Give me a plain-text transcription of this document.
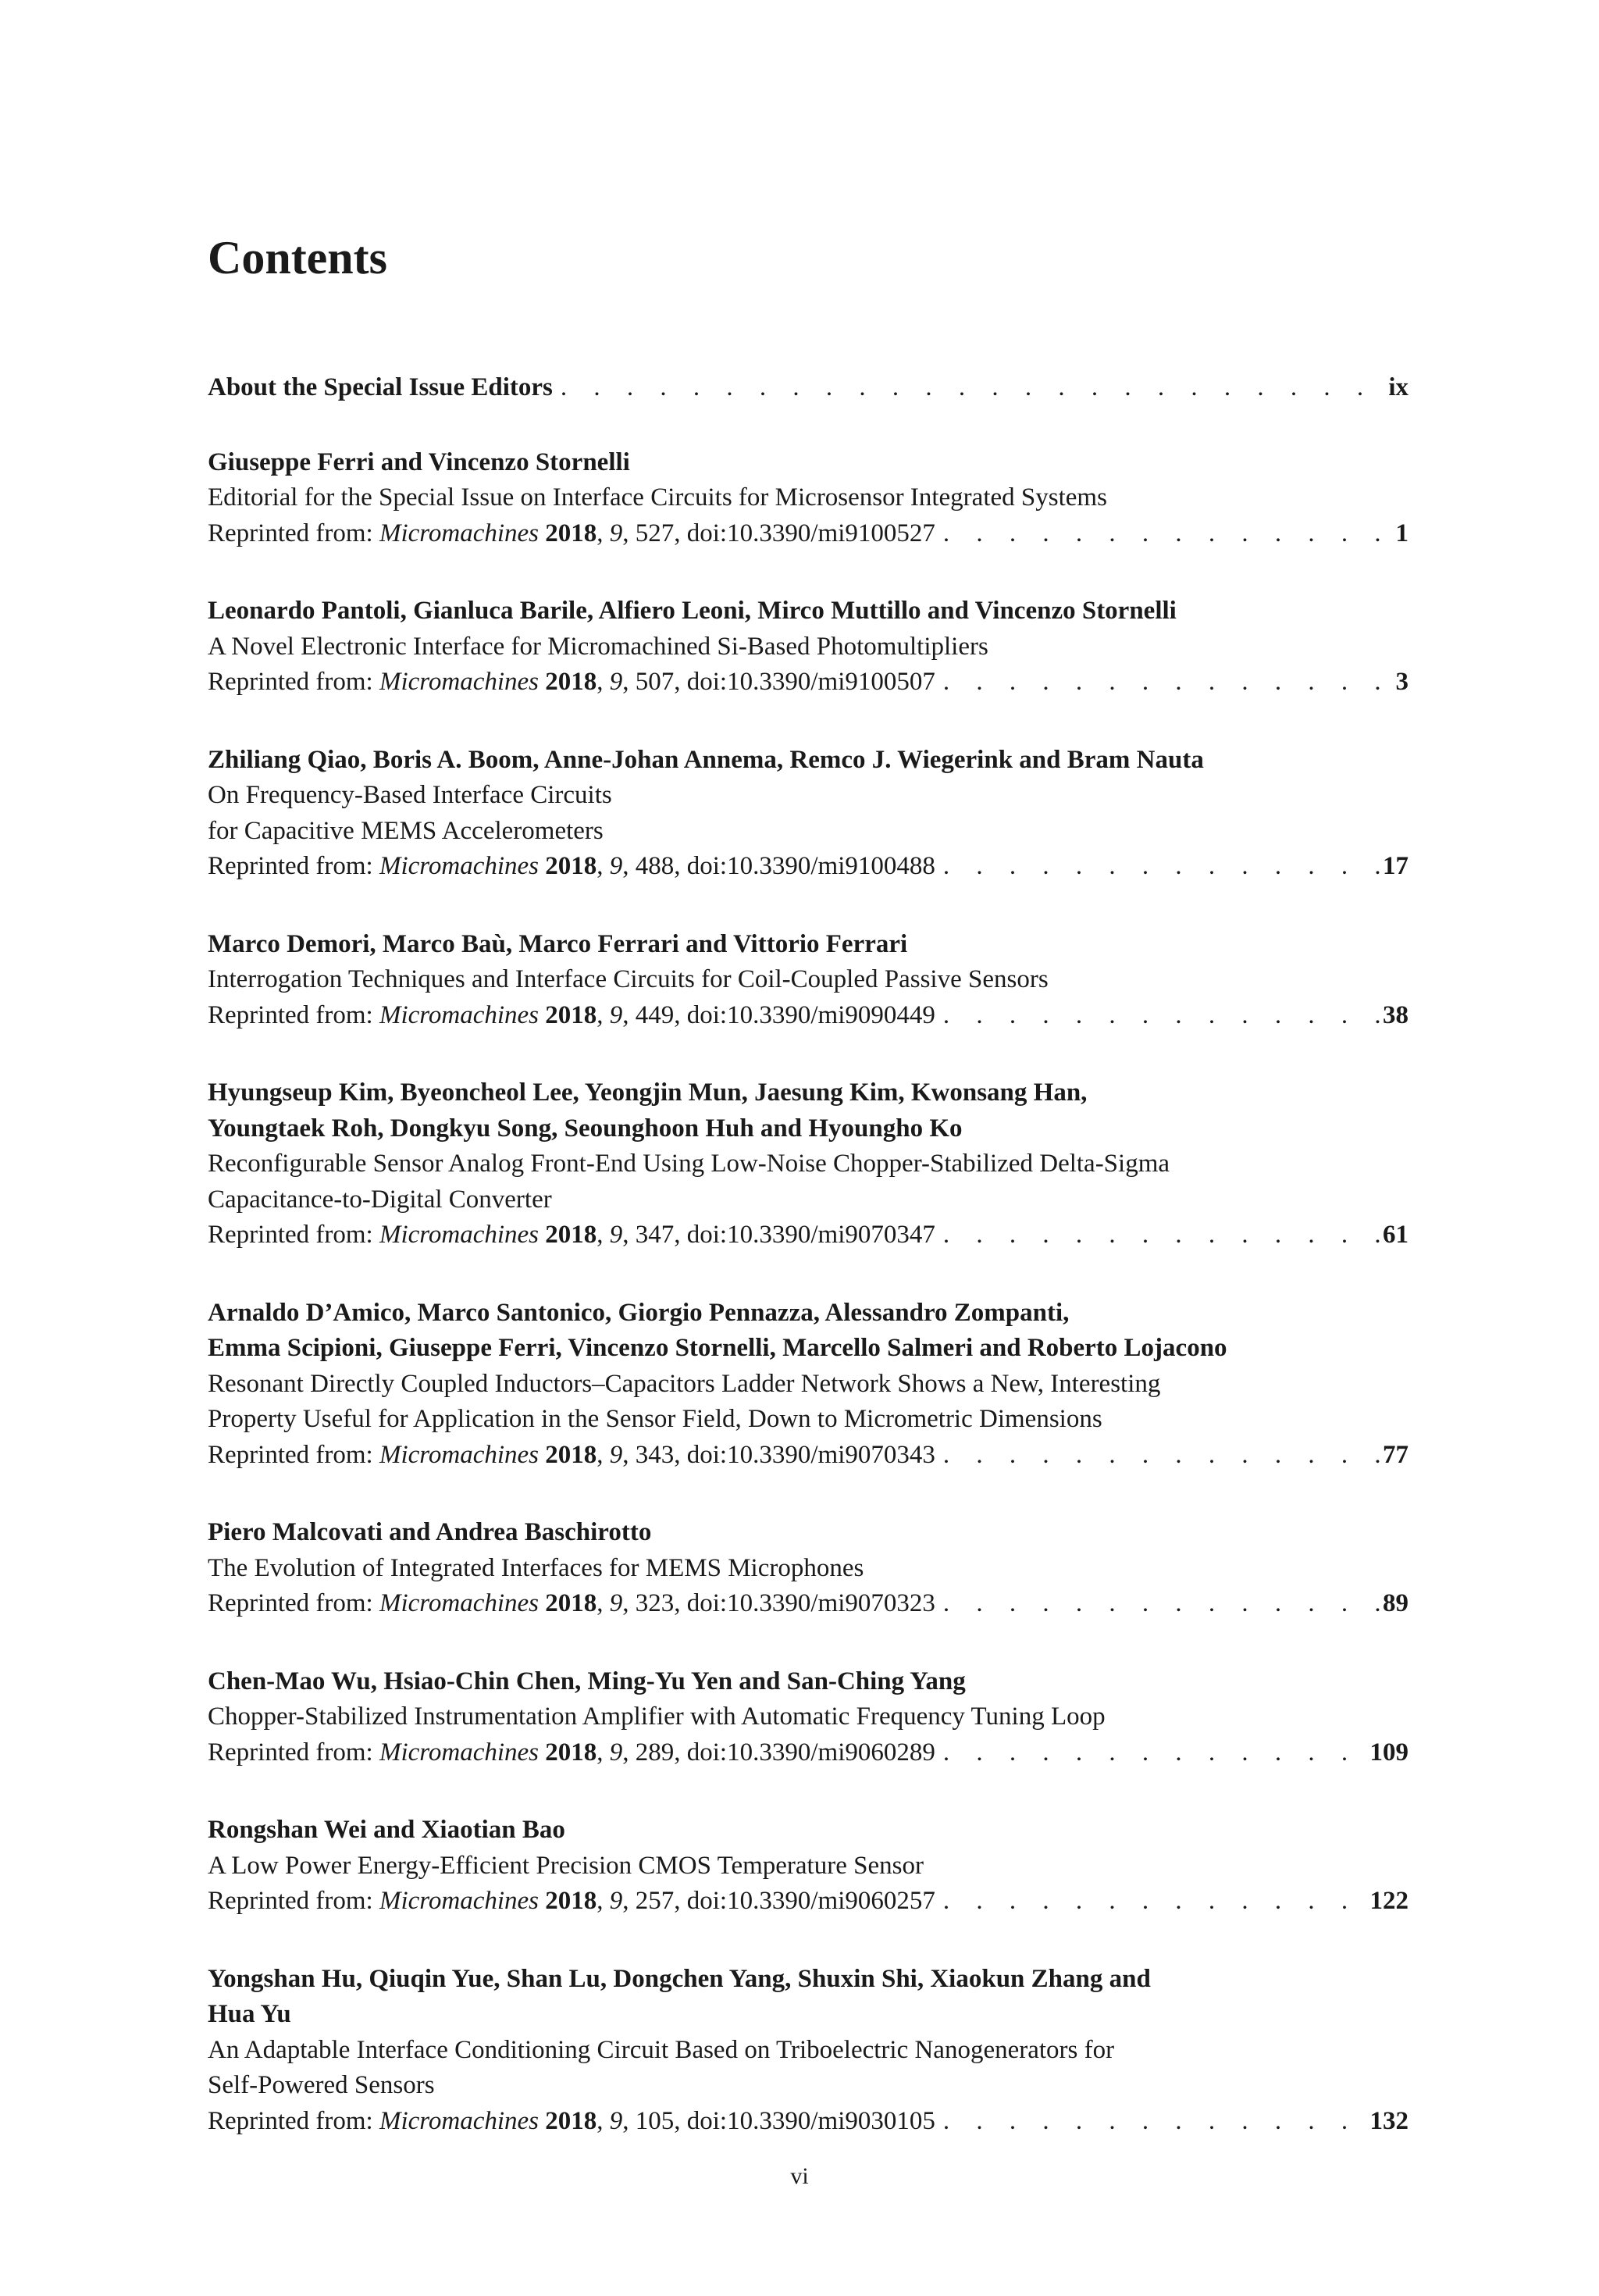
Contents
About the Special Issue Editors . . .	ix
Giuseppe Ferri and Vincenzo Stornelli
Editorial for the Special Issue on Interface Circuits for Microsensor Integrated Systems
Reprinted from: Micromachines 2018, 9, 527, doi:10.3390/mi9100527 . . .	1
Leonardo Pantoli, Gianluca Barile, Alfiero Leoni, Mirco Muttillo and Vincenzo Stornelli
A Novel Electronic Interface for Micromachined Si-Based Photomultipliers
Reprinted from: Micromachines 2018, 9, 507, doi:10.3390/mi9100507 . . .	3
Zhiliang Qiao, Boris A. Boom, Anne-Johan Annema, Remco J. Wiegerink and Bram Nauta
On Frequency-Based Interface Circuits
for Capacitive MEMS Accelerometers
Reprinted from: Micromachines 2018, 9, 488, doi:10.3390/mi9100488 . . .	17
Marco Demori, Marco Baù, Marco Ferrari and Vittorio Ferrari
Interrogation Techniques and Interface Circuits for Coil-Coupled Passive Sensors
Reprinted from: Micromachines 2018, 9, 449, doi:10.3390/mi9090449 . . .	38
Hyungseup Kim, Byeoncheol Lee, Yeongjin Mun, Jaesung Kim, Kwonsang Han,
Youngtaek Roh, Dongkyu Song, Seounghoon Huh and Hyoungho Ko
Reconfigurable Sensor Analog Front-End Using Low-Noise Chopper-Stabilized Delta-Sigma
Capacitance-to-Digital Converter
Reprinted from: Micromachines 2018, 9, 347, doi:10.3390/mi9070347 . . .	61
Arnaldo D’Amico, Marco Santonico, Giorgio Pennazza, Alessandro Zompanti,
Emma Scipioni, Giuseppe Ferri, Vincenzo Stornelli, Marcello Salmeri and Roberto Lojacono
Resonant Directly Coupled Inductors–Capacitors Ladder Network Shows a New, Interesting
Property Useful for Application in the Sensor Field, Down to Micrometric Dimensions
Reprinted from: Micromachines 2018, 9, 343, doi:10.3390/mi9070343 . . .	77
Piero Malcovati and Andrea Baschirotto
The Evolution of Integrated Interfaces for MEMS Microphones
Reprinted from: Micromachines 2018, 9, 323, doi:10.3390/mi9070323 . . .	89
Chen-Mao Wu, Hsiao-Chin Chen, Ming-Yu Yen and San-Ching Yang
Chopper-Stabilized Instrumentation Amplifier with Automatic Frequency Tuning Loop
Reprinted from: Micromachines 2018, 9, 289, doi:10.3390/mi9060289 . . .	109
Rongshan Wei and Xiaotian Bao
A Low Power Energy-Efficient Precision CMOS Temperature Sensor
Reprinted from: Micromachines 2018, 9, 257, doi:10.3390/mi9060257 . . .	122
Yongshan Hu, Qiuqin Yue, Shan Lu, Dongchen Yang, Shuxin Shi, Xiaokun Zhang and
Hua Yu
An Adaptable Interface Conditioning Circuit Based on Triboelectric Nanogenerators for
Self-Powered Sensors
Reprinted from: Micromachines 2018, 9, 105, doi:10.3390/mi9030105 . . .	132
vi
